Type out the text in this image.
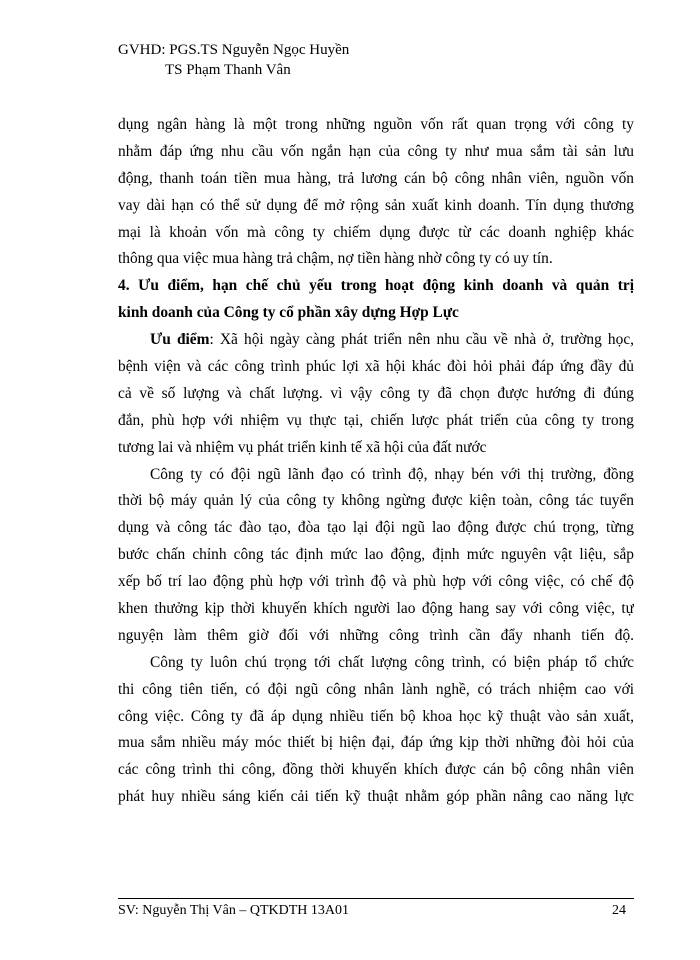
GVHD: PGS.TS Nguyễn Ngọc Huyền

TS Phạm Thanh Vân

dụng ngân hàng là một trong những nguồn vốn rất quan trọng với công ty
nhằm đáp ứng nhu cầu vốn ngắn hạn của công ty như mua sắm tài sản lưu
động, thanh toán tiền mua hàng, trả lương cán bộ công nhân viên, nguồn vốn
vay dài hạn có thể sử dụng để mở rộng sản xuất kinh doanh. Tín dụng thương
mại là khoản vốn mà công ty chiếm dụng được từ các doanh nghiệp khác
thông qua việc mua hàng trả chậm, nợ tiền hàng nhờ công ty có uy tín.
4. Ưu điểm, hạn chế chủ yếu trong hoạt động kinh doanh và quản trị
kinh doanh của Công ty cổ phần xây dựng Hợp Lực
Ưu điểm: Xã hội ngày càng phát triển nên nhu cầu về nhà ở, trường học,
bệnh viện và các công trình phúc lợi xã hội khác đòi hỏi phải đáp ứng đầy đủ
cả về số lượng và chất lượng. vì vậy công ty đã chọn được hướng đi đúng
đắn, phù hợp với nhiệm vụ thực tại, chiến lược phát triển của công ty trong
tương lai và nhiệm vụ phát triển kinh tế xã hội của đất nước
Công ty có đội ngũ lãnh đạo có trình độ, nhạy bén với thị trường, đồng
thời bộ máy quản lý của công ty không ngừng được kiện toàn, công tác tuyển
dụng và công tác đào tạo, đòa tạo lại đội ngũ lao động được chú trọng, từng
bước chấn chỉnh công tác định mức lao động, định mức nguyên vật liệu, sắp
xếp bố trí lao động phù hợp với trình độ và phù hợp với công việc, có chế độ
khen thưởng kịp thời khuyến khích người lao động hang say với công việc, tự
nguyện làm thêm giờ đối với những công trình cần đẩy nhanh tiến độ.
Công ty luôn chú trọng tới chất lượng công trình, có biện pháp tổ chức
thi công tiên tiến, có đội ngũ công nhân lành nghề, có trách nhiệm cao với
công việc. Công ty đã áp dụng nhiều tiến bộ khoa học kỹ thuật vào sản xuất,
mua sắm nhiều máy móc thiết bị hiện đại, đáp ứng kịp thời những đòi hỏi của
các công trình thi công, đồng thời khuyến khích được cán bộ công nhân viên
phát huy nhiều sáng kiến cải tiến kỹ thuật nhằm góp phần nâng cao năng lực
SV: Nguyễn Thị Vân – QTKDTH 13A01	24
